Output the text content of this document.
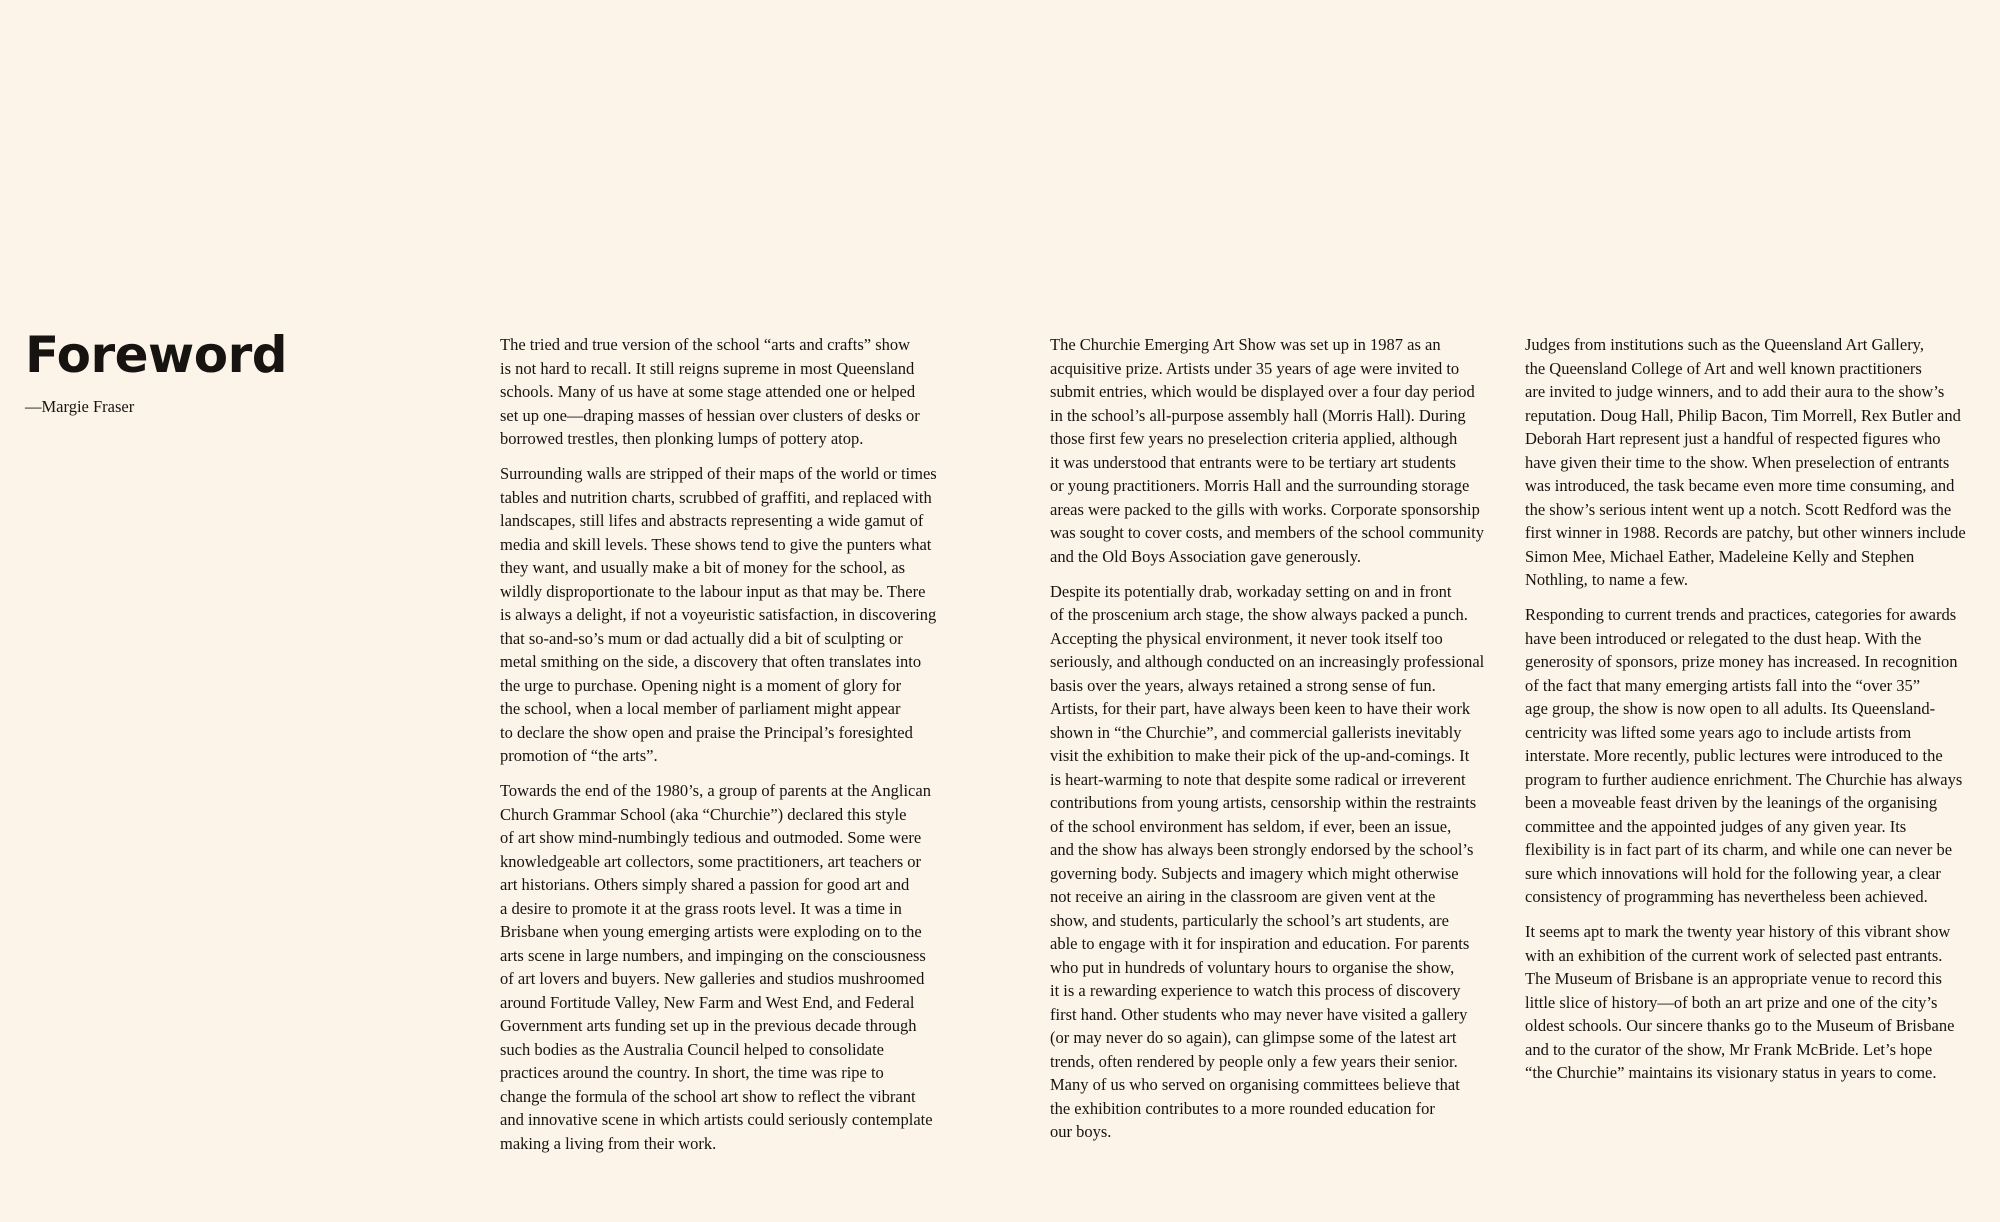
Foreword

—Margie Fraser

The tried and true version of the school “arts and crafts” show
is not hard to recall. It still reigns supreme in most Queensland
schools. Many of us have at some stage attended one or helped
set up one—draping masses of hessian over clusters of desks or
borrowed trestles, then plonking lumps of pottery atop.

Surrounding walls are stripped of their maps of the world or times
tables and nutrition charts, scrubbed of graffiti, and replaced with
landscapes, still lifes and abstracts representing a wide gamut of
media and skill levels. These shows tend to give the punters what
they want, and usually make a bit of money for the school, as
wildly disproportionate to the labour input as that may be. There
is always a delight, if not a voyeuristic satisfaction, in discovering
that so-and-so’s mum or dad actually did a bit of sculpting or
metal smithing on the side, a discovery that often translates into
the urge to purchase. Opening night is a moment of glory for
the school, when a local member of parliament might appear
to declare the show open and praise the Principal’s foresighted
promotion of “the arts”.

Towards the end of the 1980’s, a group of parents at the Anglican
Church Grammar School (aka “Churchie”) declared this style
of art show mind-numbingly tedious and outmoded. Some were
knowledgeable art collectors, some practitioners, art teachers or
art historians. Others simply shared a passion for good art and
a desire to promote it at the grass roots level. It was a time in
Brisbane when young emerging artists were exploding on to the
arts scene in large numbers, and impinging on the consciousness
of art lovers and buyers. New galleries and studios mushroomed
around Fortitude Valley, New Farm and West End, and Federal
Government arts funding set up in the previous decade through
such bodies as the Australia Council helped to consolidate
practices around the country. In short, the time was ripe to
change the formula of the school art show to reflect the vibrant
and innovative scene in which artists could seriously contemplate
making a living from their work.

The Churchie Emerging Art Show was set up in 1987 as an
acquisitive prize. Artists under 35 years of age were invited to
submit entries, which would be displayed over a four day period
in the school’s all-purpose assembly hall (Morris Hall). During
those first few years no preselection criteria applied, although
it was understood that entrants were to be tertiary art students
or young practitioners. Morris Hall and the surrounding storage
areas were packed to the gills with works. Corporate sponsorship
was sought to cover costs, and members of the school community
and the Old Boys Association gave generously.

Despite its potentially drab, workaday setting on and in front
of the proscenium arch stage, the show always packed a punch.
Accepting the physical environment, it never took itself too
seriously, and although conducted on an increasingly professional
basis over the years, always retained a strong sense of fun.
Artists, for their part, have always been keen to have their work
shown in “the Churchie”, and commercial gallerists inevitably
visit the exhibition to make their pick of the up-and-comings. It
is heart-warming to note that despite some radical or irreverent
contributions from young artists, censorship within the restraints
of the school environment has seldom, if ever, been an issue,
and the show has always been strongly endorsed by the school’s
governing body. Subjects and imagery which might otherwise
not receive an airing in the classroom are given vent at the
show, and students, particularly the school’s art students, are
able to engage with it for inspiration and education. For parents
who put in hundreds of voluntary hours to organise the show,
it is a rewarding experience to watch this process of discovery
first hand. Other students who may never have visited a gallery
(or may never do so again), can glimpse some of the latest art
trends, often rendered by people only a few years their senior.
Many of us who served on organising committees believe that
the exhibition contributes to a more rounded education for
our boys.

Judges from institutions such as the Queensland Art Gallery,
the Queensland College of Art and well known practitioners
are invited to judge winners, and to add their aura to the show’s
reputation. Doug Hall, Philip Bacon, Tim Morrell, Rex Butler and
Deborah Hart represent just a handful of respected figures who
have given their time to the show. When preselection of entrants
was introduced, the task became even more time consuming, and
the show’s serious intent went up a notch. Scott Redford was the
first winner in 1988. Records are patchy, but other winners include
Simon Mee, Michael Eather, Madeleine Kelly and Stephen
Nothling, to name a few.

Responding to current trends and practices, categories for awards
have been introduced or relegated to the dust heap. With the
generosity of sponsors, prize money has increased. In recognition
of the fact that many emerging artists fall into the “over 35”
age group, the show is now open to all adults. Its Queensland-
centricity was lifted some years ago to include artists from
interstate. More recently, public lectures were introduced to the
program to further audience enrichment. The Churchie has always
been a moveable feast driven by the leanings of the organising
committee and the appointed judges of any given year. Its
flexibility is in fact part of its charm, and while one can never be
sure which innovations will hold for the following year, a clear
consistency of programming has nevertheless been achieved.

It seems apt to mark the twenty year history of this vibrant show
with an exhibition of the current work of selected past entrants.
The Museum of Brisbane is an appropriate venue to record this
little slice of history—of both an art prize and one of the city’s
oldest schools. Our sincere thanks go to the Museum of Brisbane
and to the curator of the show, Mr Frank McBride. Let’s hope
“the Churchie” maintains its visionary status in years to come.
